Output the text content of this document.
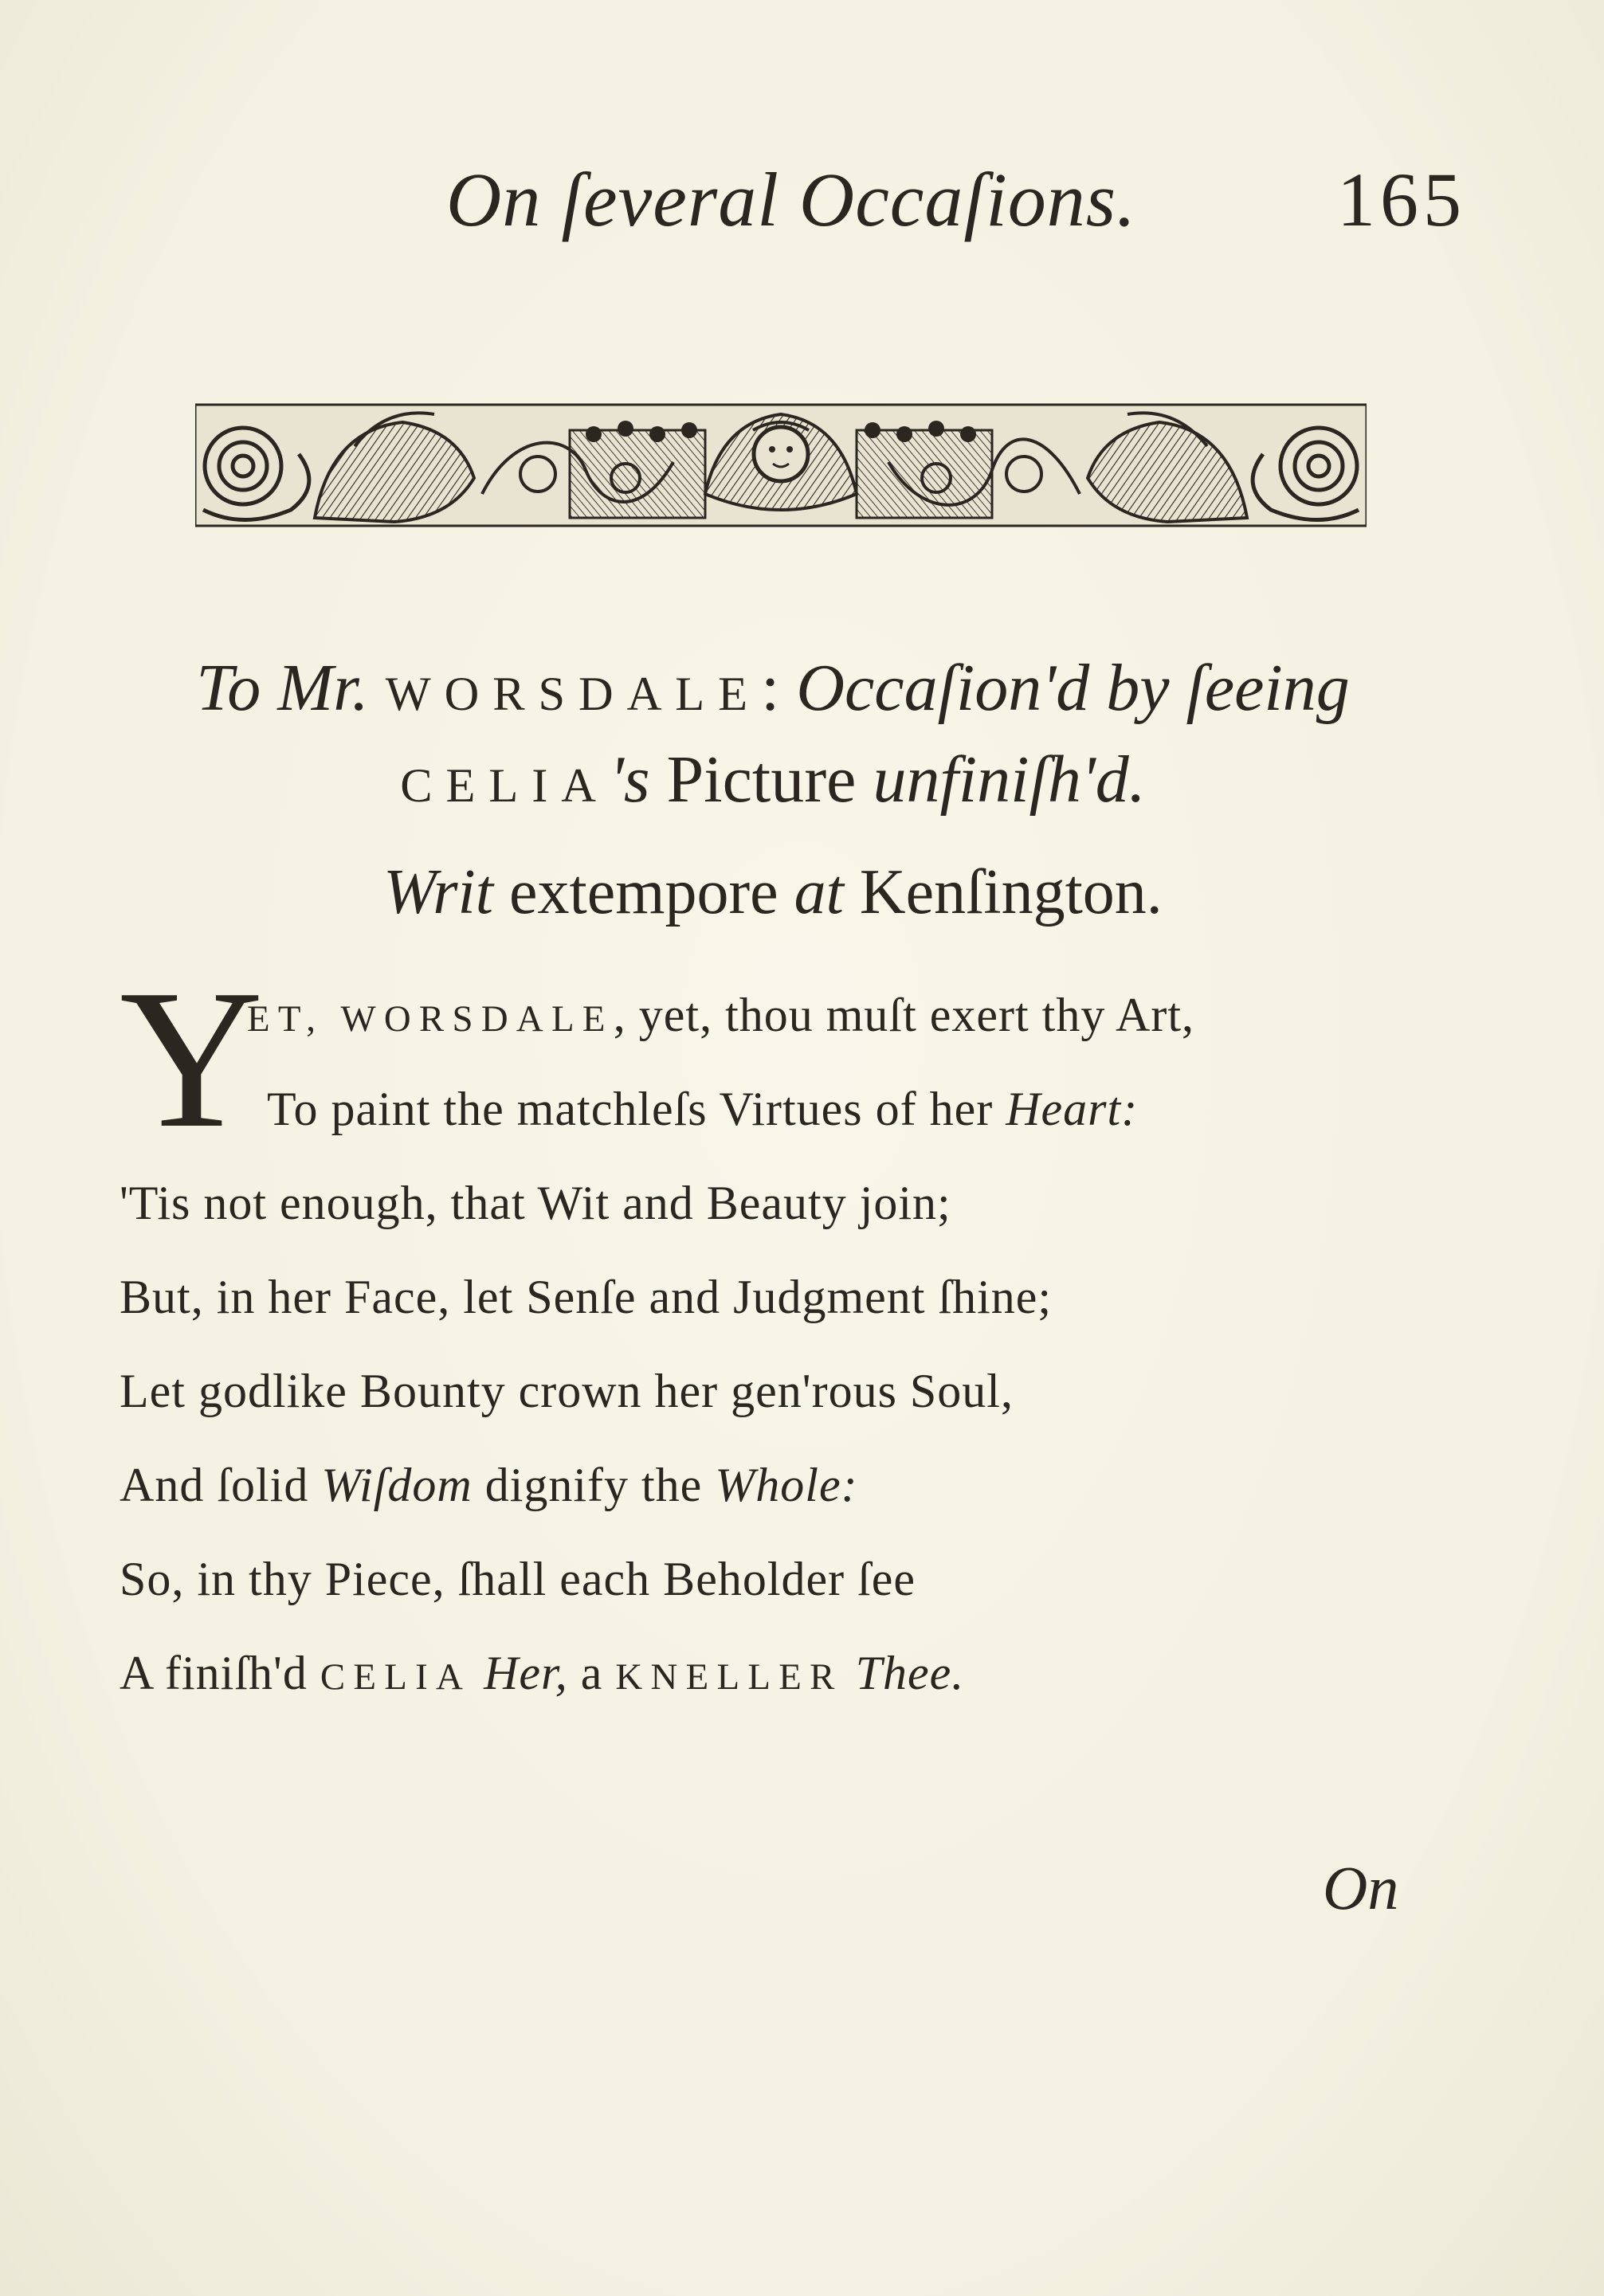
On ſeveral Occaſions.	165
To Mr. WORSDALE: Occaſion'd by ſeeing
CELIA's Picture unfiniſh'd.
Writ extempore at Kenſington.
Y
ET, WORSDALE, yet, thou muſt exert thy Art,
To paint the matchleſs Virtues of her Heart:
'Tis not enough, that Wit and Beauty join;
But, in her Face, let Senſe and Judgment ſhine;
Let godlike Bounty crown her gen'rous Soul,
And ſolid Wiſdom dignify the Whole:
So, in thy Piece, ſhall each Beholder ſee
A finiſh'd CELIA Her, a KNELLER Thee.
On
